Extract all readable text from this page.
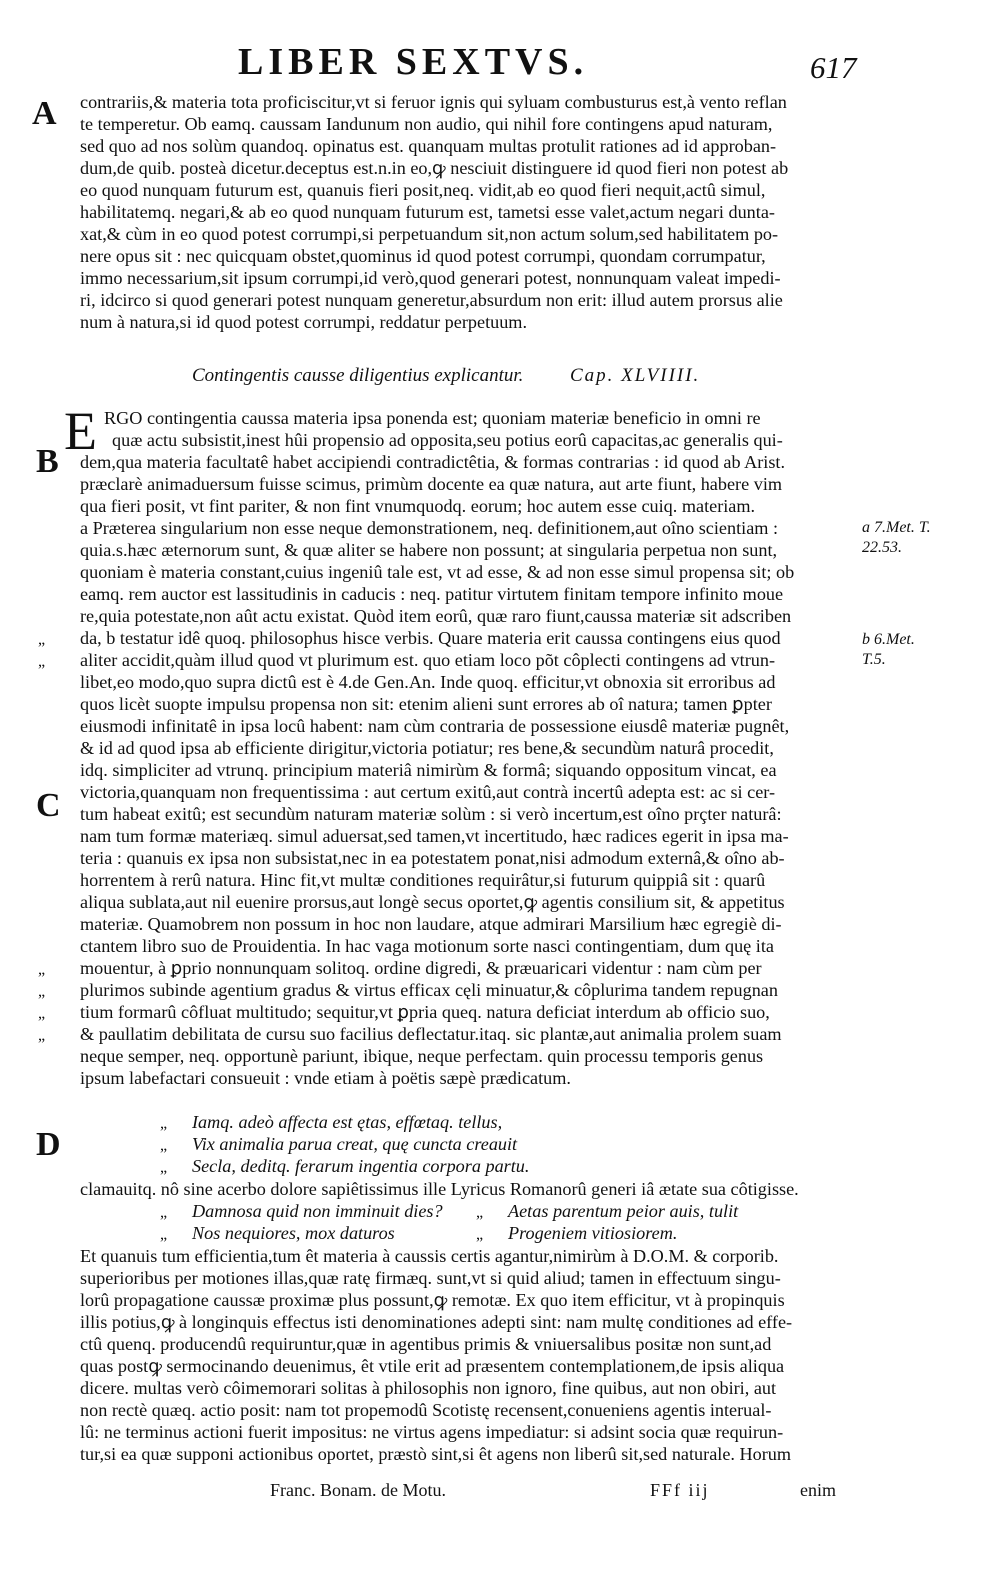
LIBER SEXTVS.	617
A
B
C
D
contrariis,& materia tota proficiscitur,vt si feruor ignis qui syluam combusturus est,à vento reflan
te temperetur. Ob eamq. caussam Iandunum non audio, qui nihil fore contingens apud naturam,
sed quo ad nos solùm quandoq. opinatus est. quanquam multas protulit rationes ad id approban-
dum,de quib. posteà dicetur.deceptus est.n.in eo,ꝙ nesciuit distinguere id quod fieri non potest ab
eo quod nunquam futurum est, quanuis fieri posit,neq. vidit,ab eo quod fieri nequit,actû simul,
habilitatemq. negari,& ab eo quod nunquam futurum est, tametsi esse valet,actum negari dunta-
xat,& cùm in eo quod potest corrumpi,si perpetuandum sit,non actum solum,sed habilitatem po-
nere opus sit : nec quicquam obstet,quominus id quod potest corrumpi, quondam corrumpatur,
immo necessarium,sit ipsum corrumpi,id verò,quod generari potest, nonnunquam valeat impedi-
ri, idcirco si quod generari potest nunquam generetur,absurdum non erit: illud autem prorsus alie
num à natura,si id quod potest corrumpi, reddatur perpetuum.
Contingentis causse diligentius explicantur. Cap. XLVIIII.
E RGO contingentia caussa materia ipsa ponenda est; quoniam materiæ beneficio in omni re
quæ actu subsistit,inest hûi propensio ad opposita,seu potius eorû capacitas,ac generalis qui-
dem,qua materia facultatê habet accipiendi contradictêtia, & formas contrarias : id quod ab Arist.
præclarè animaduersum fuisse scimus, primùm docente ea quæ natura, aut arte fiunt, habere vim
qua fieri posit, vt fint pariter, & non fint vnumquodq. eorum; hoc autem esse cuiq. materiam.
a Præterea singularium non esse neque demonstrationem, neq. definitionem,aut oîno scientiam :
quia.s.hæc æternorum sunt, & quæ aliter se habere non possunt; at singularia perpetua non sunt,
quoniam è materia constant,cuius ingeniû tale est, vt ad esse, & ad non esse simul propensa sit; ob
eamq. rem auctor est lassitudinis in caducis : neq. patitur virtutem finitam tempore infinito moue
re,quia potestate,non aût actu existat. Quòd item eorû, quæ raro fiunt,caussa materiæ sit adscriben
da, b testatur idê quoq. philosophus hisce verbis. Quare materia erit caussa contingens eius quod
aliter accidit,quàm illud quod vt plurimum est. quo etiam loco põt côplecti contingens ad vtrun-
libet,eo modo,quo supra dictû est è 4.de Gen.An. Inde quoq. efficitur,vt obnoxia sit erroribus ad
quos licèt suopte impulsu propensa non sit: etenim alieni sunt errores ab oî natura; tamen ꝑpter
eiusmodi infinitatê in ipsa locû habent: nam cùm contraria de possessione eiusdê materiæ pugnêt,
& id ad quod ipsa ab efficiente dirigitur,victoria potiatur; res bene,& secundùm naturâ procedit,
idq. simpliciter ad vtrunq. principium materiâ nimirùm & formâ; siquando oppositum vincat, ea
victoria,quanquam non frequentissima : aut certum exitû,aut contrà incertû adepta est: ac si cer-
tum habeat exitû; est secundùm naturam materiæ solùm : si verò incertum,est oîno prçter naturâ:
nam tum formæ materiæq. simul aduersat,sed tamen,vt incertitudo, hæc radices egerit in ipsa ma-
teria : quanuis ex ipsa non subsistat,nec in ea potestatem ponat,nisi admodum externâ,& oîno ab-
horrentem à rerû natura. Hinc fit,vt multæ conditiones requirâtur,si futurum quippiâ sit : quarû
aliqua sublata,aut nil euenire prorsus,aut longè secus oportet,ꝙ agentis consilium sit, & appetitus
materiæ. Quamobrem non possum in hoc non laudare, atque admirari Marsilium hæc egregiè di-
ctantem libro suo de Prouidentia. In hac vaga motionum sorte nasci contingentiam, dum quę ita
mouentur, à ꝑprio nonnunquam solitoq. ordine digredi, & præuaricari videntur : nam cùm per
plurimos subinde agentium gradus & virtus efficax cęli minuatur,& côplurima tandem repugnan
tium formarû côfluat multitudo; sequitur,vt ꝑpria queq. natura deficiat interdum ab officio suo,
& paullatim debilitata de cursu suo facilius deflectatur.itaq. sic plantæ,aut animalia prolem suam
neque semper, neq. opportunè pariunt, ibique, neque perfectam. quin processu temporis genus
ipsum labefactari consueuit : vnde etiam à poëtis sæpè prædicatum.
„
„
„
„
„
„
a 7.Met. T. 22.53.
b 6.Met. T.5.
„ Iamq. adeò affecta est ętas, effœtaq. tellus,
„ Vix animalia parua creat, quę cuncta creauit
„ Secla, deditq. ferarum ingentia corpora partu.
clamauitq. nô sine acerbo dolore sapiêtissimus ille Lyricus Romanorû generi iâ ætate sua côtigisse.
„ Damnosa quid non imminuit dies? „ Aetas parentum peior auis, tulit
„ Nos nequiores, mox daturos	„ Progeniem vitiosiorem.
Et quanuis tum efficientia,tum êt materia à caussis certis agantur,nimirùm à D.O.M. & corporib.
superioribus per motiones illas,quæ ratę firmæq. sunt,vt si quid aliud; tamen in effectuum singu-
lorû propagatione caussæ proximæ plus possunt,ꝙ remotæ. Ex quo item efficitur, vt à propinquis
illis potius,ꝙ à longinquis effectus isti denominationes adepti sint: nam multę conditiones ad effe-
ctû quenq. producendû requiruntur,quæ in agentibus primis & vniuersalibus positæ non sunt,ad
quas postꝙ sermocinando deuenimus, êt vtile erit ad præsentem contemplationem,de ipsis aliqua
dicere. multas verò côimemorari solitas à philosophis non ignoro, fine quibus, aut non obiri, aut
non rectè quæq. actio posit: nam tot propemodû Scotistę recensent,conueniens agentis interual-
lû: ne terminus actioni fuerit impositus: ne virtus agens impediatur: si adsint socia quæ requirun-
tur,si ea quæ supponi actionibus oportet, præstò sint,si êt agens non liberû sit,sed naturale. Horum
Franc. Bonam. de Motu.	FFf iij	enim
